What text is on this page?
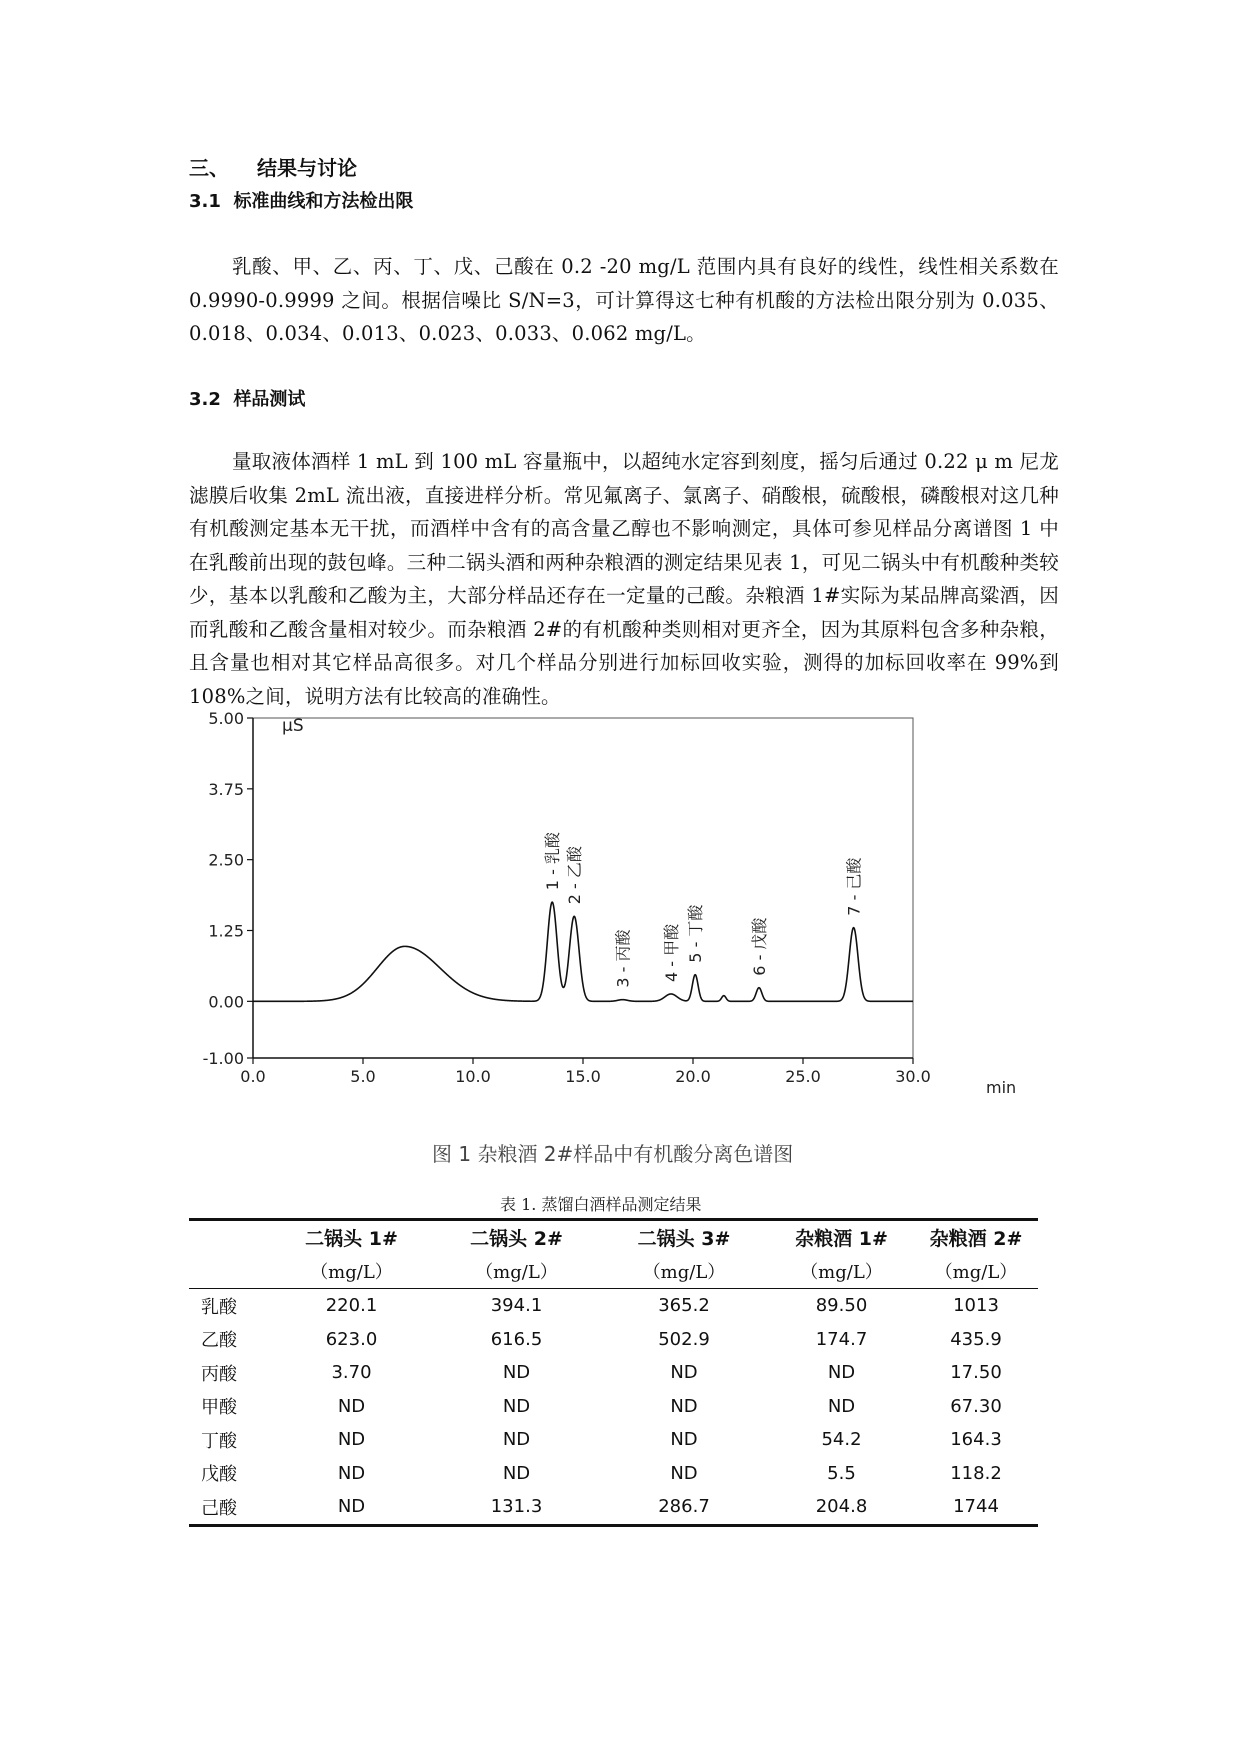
三、 结果与讨论
3.1 标准曲线和方法检出限

乳酸、甲、乙、丙、丁、戊、己酸在 0.2 -20 mg/L 范围内具有良好的线性，线性相关系数在 0.9990-0.9999 之间。根据信噪比 S/N=3，可计算得这七种有机酸的方法检出限分别为 0.035、0.018、0.034、0.013、0.023、0.033、0.062 mg/L。

3.2 样品测试

量取液体酒样 1 mL 到 100 mL 容量瓶中，以超纯水定容到刻度，摇匀后通过 0.22 μ m 尼龙滤膜后收集 2mL 流出液，直接进样分析。常见氟离子、氯离子、硝酸根，硫酸根，磷酸根对这几种有机酸测定基本无干扰，而酒样中含有的高含量乙醇也不影响测定，具体可参见样品分离谱图 1 中在乳酸前出现的鼓包峰。三种二锅头酒和两种杂粮酒的测定结果见表 1，可见二锅头中有机酸种类较少，基本以乳酸和乙酸为主，大部分样品还存在一定量的己酸。杂粮酒 1#实际为某品牌高粱酒，因而乳酸和乙酸含量相对较少。而杂粮酒 2#的有机酸种类则相对更齐全，因为其原料包含多种杂粮，且含量也相对其它样品高很多。对几个样品分别进行加标回收实验，测得的加标回收率在 99%到 108%之间，说明方法有比较高的准确性。

-1.00
0.00
1.25
2.50
3.75
5.00
0.0	5.0	10.0	15.0	20.0	25.0	30.0
1 - 乳酸 2 - 乙酸
3 - 丙酸 4 - 甲酸 5 - 丁酸	6 - 戊酸
7 - 己酸
µS
min
图 1 杂粮酒 2#样品中有机酸分离色谱图
表 1. 蒸馏白酒样品测定结果
	二锅头 1#	二锅头 2#	二锅头 3#	杂粮酒 1#	杂粮酒 2#
	（mg/L）	（mg/L）	（mg/L）	（mg/L）	（mg/L）
乳酸	220.1	394.1	365.2	89.50	1013
乙酸	623.0	616.5	502.9	174.7	435.9
丙酸	3.70	ND	ND	ND	17.50
甲酸	ND	ND	ND	ND	67.30
丁酸	ND	ND	ND	54.2	164.3
戊酸	ND	ND	ND	5.5	118.2
己酸	ND	131.3	286.7	204.8	1744
